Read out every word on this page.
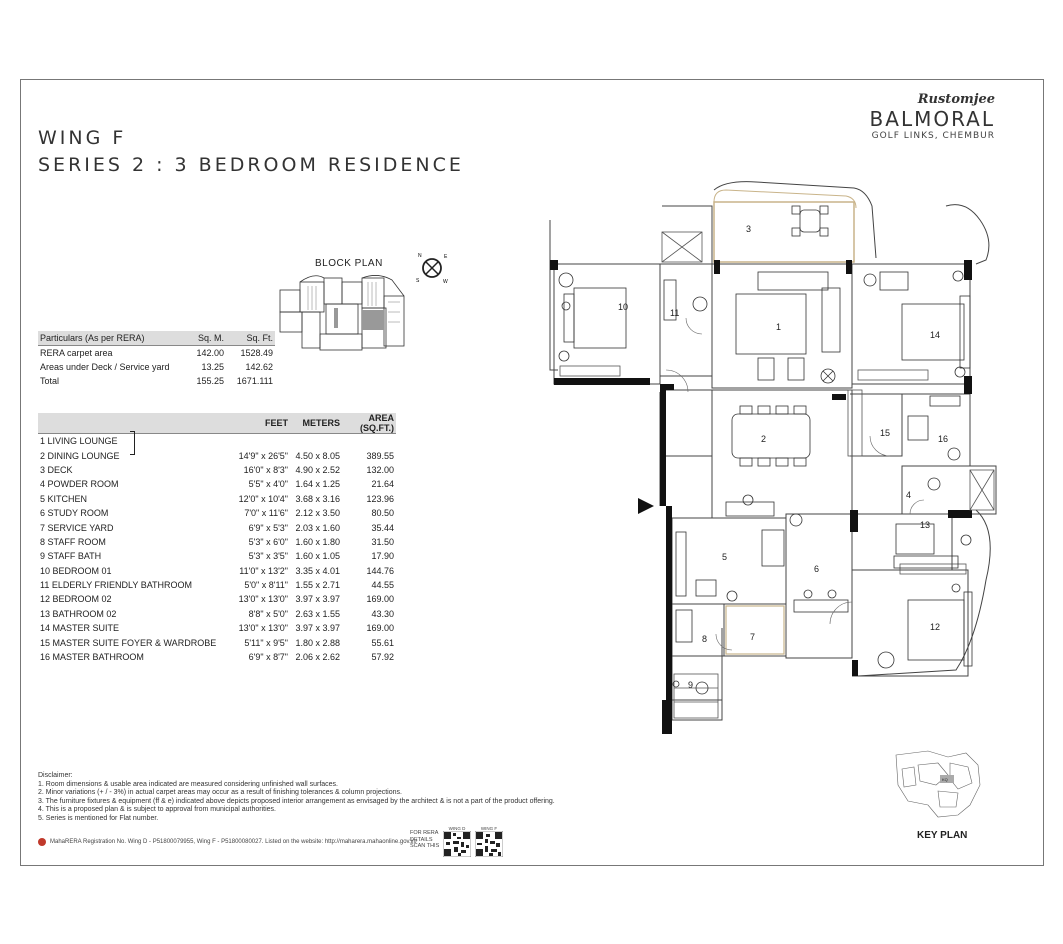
WING F
SERIES 2 : 3 BEDROOM RESIDENCE
Rustomjee
BALMORAL
GOLF LINKS, CHEMBUR
BLOCK PLAN
N	E
S	W
Particulars (As per RERA)	Sq. M.	Sq. Ft.
RERA carpet area	142.00	1528.49
Areas under Deck / Service yard	13.25	142.62
Total	155.25	1671.111
	FEET	METERS	AREA (SQ.FT.)
1 LIVING LOUNGE			
2 DINING LOUNGE	14'9" x 26'5"	4.50 x 8.05	389.55
3 DECK	16'0" x 8'3"	4.90 x 2.52	132.00
4 POWDER ROOM	5'5" x 4'0"	1.64 x 1.25	21.64
5 KITCHEN	12'0" x 10'4"	3.68 x 3.16	123.96
6 STUDY ROOM	7'0" x 11'6"	2.12 x 3.50	80.50
7 SERVICE YARD	6'9" x 5'3"	2.03 x 1.60	35.44
8 STAFF ROOM	5'3" x 6'0"	1.60 x 1.80	31.50
9 STAFF BATH	5'3" x 3'5"	1.60 x 1.05	17.90
10 BEDROOM 01	11'0" x 13'2"	3.35 x 4.01	144.76
11 ELDERLY FRIENDLY BATHROOM	5'0" x 8'11"	1.55 x 2.71	44.55
12 BEDROOM 02	13'0" x 13'0"	3.97 x 3.97	169.00
13 BATHROOM 02	8'8" x 5'0"	2.63 x 1.55	43.30
14 MASTER SUITE	13'0" x 13'0"	3.97 x 3.97	169.00
15 MASTER SUITE FOYER & WARDROBE	5'11" x 9'5"	1.80 x 2.88	55.61
16 MASTER BATHROOM	6'9" x 8'7"	2.06 x 2.62	57.92
Disclaimer:
1. Room dimensions & usable area indicated are measured considering unfinished wall surfaces.
2. Minor variations (+ / - 3%) in actual carpet areas may occur as a result of finishing tolerances & column projections.
3. The furniture fixtures & equipment (ff & e) indicated above depicts proposed interior arrangement as envisaged by the architect & is not a part of the product offering.
4. This is a proposed plan & is subject to approval from municipal authorities.
5. Series is mentioned for Flat number.
MahaRERA Registration No. Wing D - P51800079955, Wing F - P51800080027. Listed on the website: http://maharera.mahaonline.gov.in/
FOR RERA
DETAILS
SCAN THIS
WING D	WING F
KQ
KEY PLAN
1
2
3
4
5
6
7
8
9
10
11
12
13
14
15
16
